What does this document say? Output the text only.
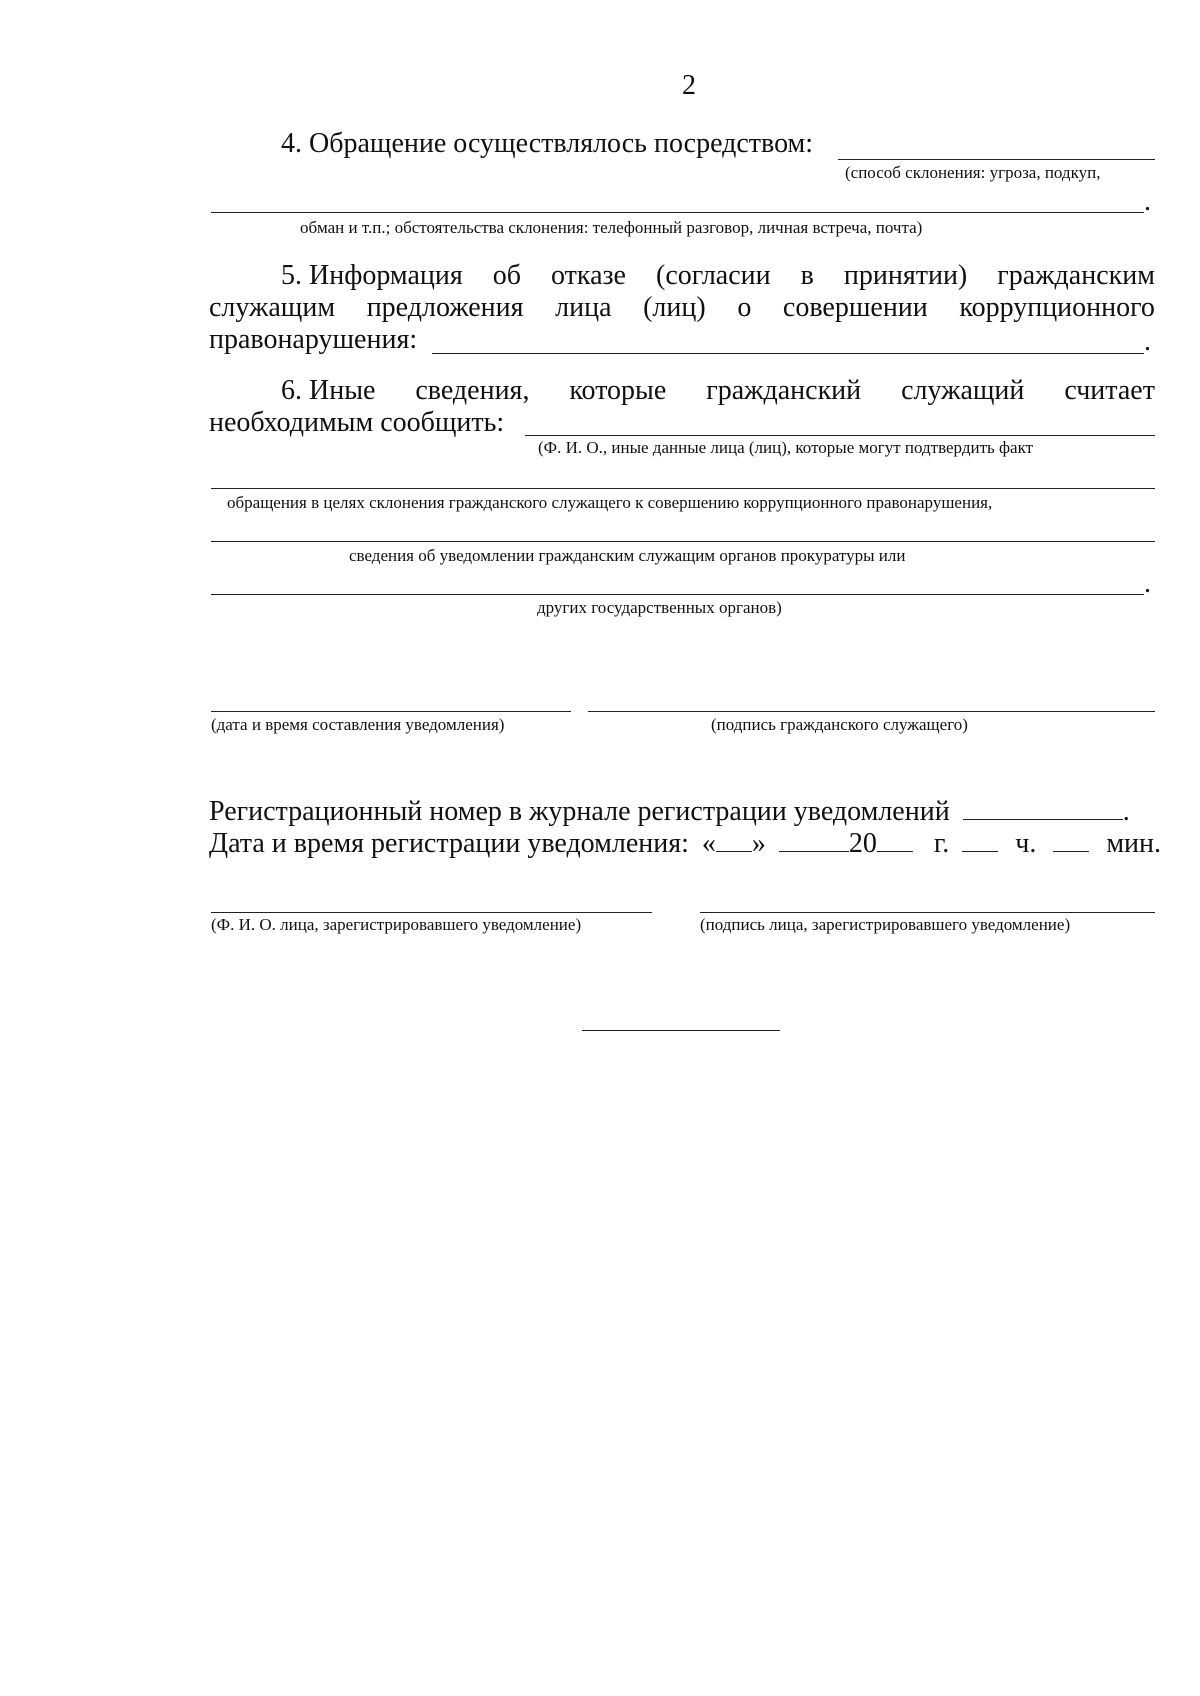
2
4. Обращение осуществлялось посредством:
(способ склонения: угроза, подкуп,
.
обман и т.п.; обстоятельства склонения: телефонный разговор, личная встреча, почта)
5. Информация об отказе (согласии в принятии) гражданским
служащим предложения лица (лиц) о совершении коррупционного
правонарушения:	.
6. Иные сведения, которые гражданский служащий считает
необходимым сообщить:
(Ф. И. О., иные данные лица (лиц), которые могут подтвердить факт
обращения в целях склонения гражданского служащего к совершению коррупционного правонарушения,
сведения об уведомлении гражданским служащим органов прокуратуры или
.
других государственных органов)
(дата и время составления уведомления)	(подпись гражданского служащего)
Регистрационный номер в журнале регистрации уведомлений	.
Дата и время регистрации уведомления: « »	20 г. ч.	мин.
(Ф. И. О. лица, зарегистрировавшего уведомление)	(подпись лица, зарегистрировавшего уведомление)
